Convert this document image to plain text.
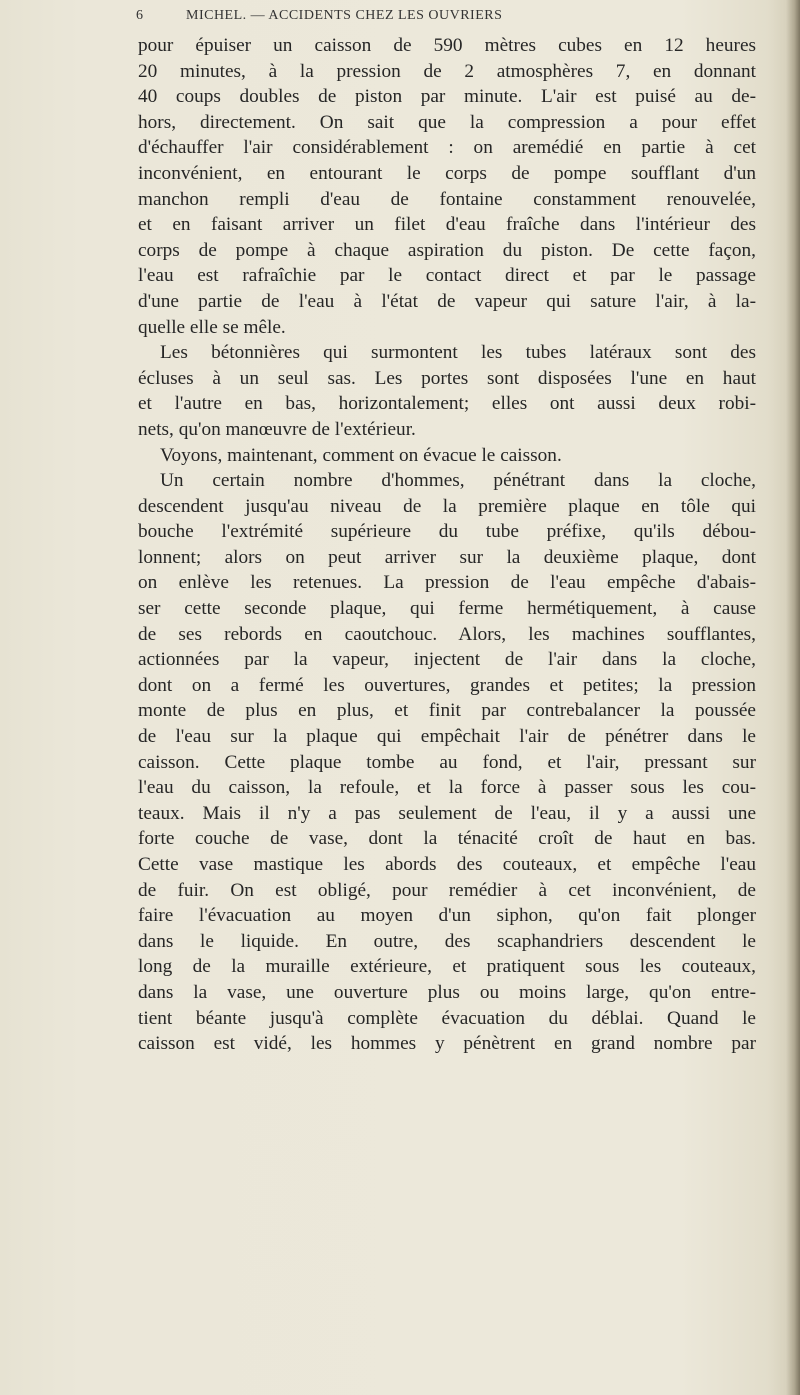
6	MICHEL. — ACCIDENTS CHEZ LES OUVRIERS
pour épuiser un caisson de 590 mètres cubes en 12 heures
20 minutes, à la pression de 2 atmosphères 7, en donnant
40 coups doubles de piston par minute. L'air est puisé au de-
hors, directement. On sait que la compression a pour effet
d'échauffer l'air considérablement : on aremédié en partie à cet
inconvénient, en entourant le corps de pompe soufflant d'un
manchon rempli d'eau de fontaine constamment renouvelée,
et en faisant arriver un filet d'eau fraîche dans l'intérieur des
corps de pompe à chaque aspiration du piston. De cette façon,
l'eau est rafraîchie par le contact direct et par le passage
d'une partie de l'eau à l'état de vapeur qui sature l'air, à la-
quelle elle se mêle.
Les bétonnières qui surmontent les tubes latéraux sont des
écluses à un seul sas. Les portes sont disposées l'une en haut
et l'autre en bas, horizontalement; elles ont aussi deux robi-
nets, qu'on manœuvre de l'extérieur.
Voyons, maintenant, comment on évacue le caisson.
Un certain nombre d'hommes, pénétrant dans la cloche,
descendent jusqu'au niveau de la première plaque en tôle qui
bouche l'extrémité supérieure du tube préfixe, qu'ils débou-
lonnent; alors on peut arriver sur la deuxième plaque, dont
on enlève les retenues. La pression de l'eau empêche d'abais-
ser cette seconde plaque, qui ferme hermétiquement, à cause
de ses rebords en caoutchouc. Alors, les machines soufflantes,
actionnées par la vapeur, injectent de l'air dans la cloche,
dont on a fermé les ouvertures, grandes et petites; la pression
monte de plus en plus, et finit par contrebalancer la poussée
de l'eau sur la plaque qui empêchait l'air de pénétrer dans le
caisson. Cette plaque tombe au fond, et l'air, pressant sur
l'eau du caisson, la refoule, et la force à passer sous les cou-
teaux. Mais il n'y a pas seulement de l'eau, il y a aussi une
forte couche de vase, dont la ténacité croît de haut en bas.
Cette vase mastique les abords des couteaux, et empêche l'eau
de fuir. On est obligé, pour remédier à cet inconvénient, de
faire l'évacuation au moyen d'un siphon, qu'on fait plonger
dans le liquide. En outre, des scaphandriers descendent le
long de la muraille extérieure, et pratiquent sous les couteaux,
dans la vase, une ouverture plus ou moins large, qu'on entre-
tient béante jusqu'à complète évacuation du déblai. Quand le
caisson est vidé, les hommes y pénètrent en grand nombre par
